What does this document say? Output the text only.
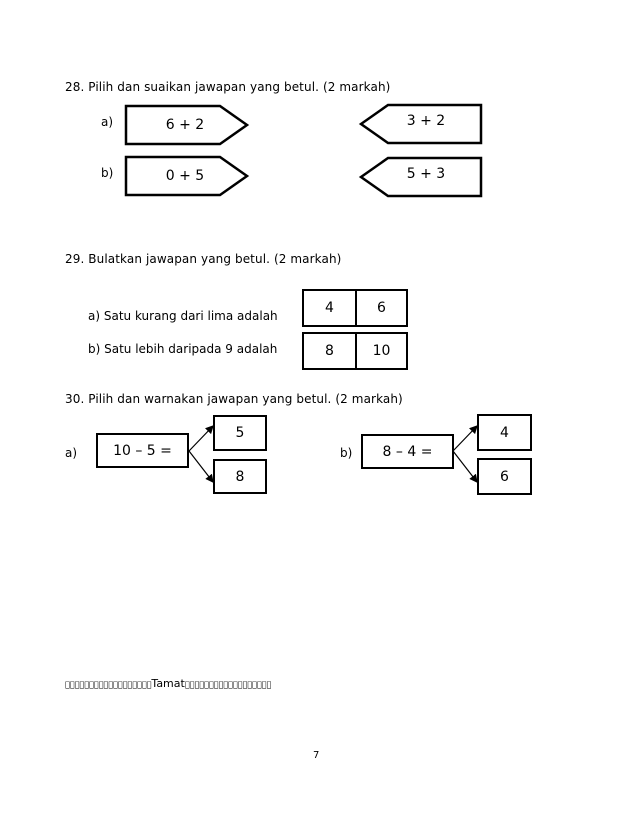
28. Pilih dan suaikan jawapan yang betul. (2 markah)
a)
b)
6 + 2
0 + 5
3 + 2
5 + 3
29. Bulatkan jawapan yang betul. (2 markah)
a) Satu kurang dari lima adalah
b) Satu lebih daripada 9 adalah
4	6
8	10
30. Pilih dan warnakan jawapan yang betul. (2 markah)
a)	10 – 5 =
5
8
b) 8 – 4 =
4
6
                  Tamat                  
7
